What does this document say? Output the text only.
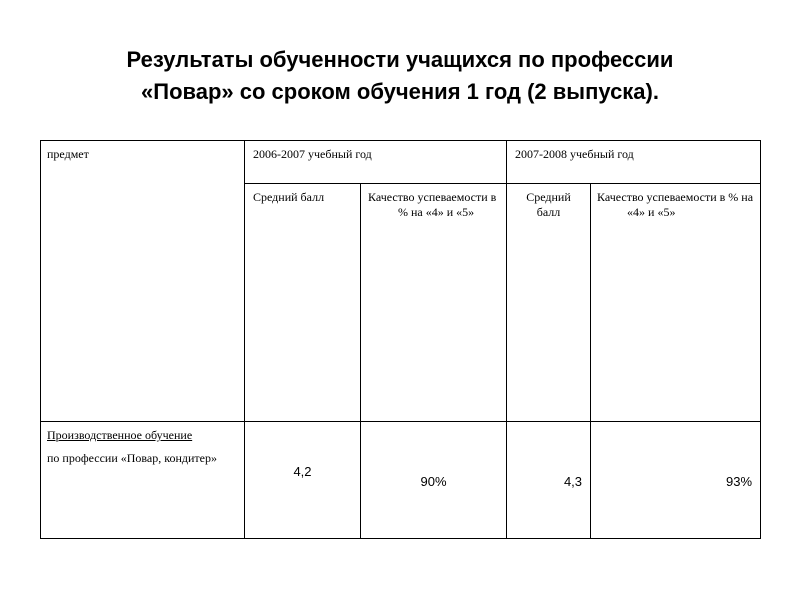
Результаты обученности учащихся по профессии
«Повар» со сроком обучения 1 год (2 выпуска).
предмет	2006-2007 учебный год		2007-2008 учебный год	
	Средний балл	Качество успеваемости в % на «4» и «5»	Средний балл	Качество успеваемости в % на «4» и «5»

Производственное обучение
по профессии «Повар, кондитер»	4,2	90%	4,3	93%
